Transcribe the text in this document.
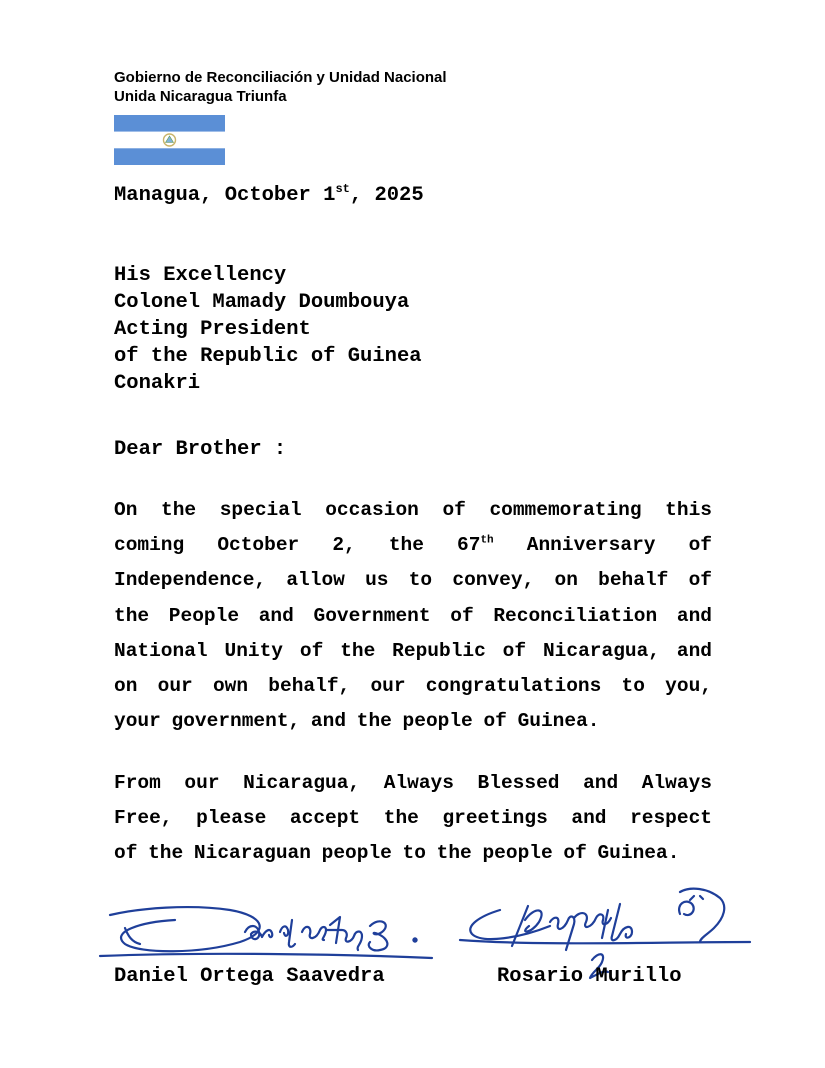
Gobierno de Reconciliación y Unidad Nacional
Unida Nicaragua Triunfa
Managua, October 1st, 2025
His Excellency
Colonel Mamady Doumbouya
Acting President
of the Republic of Guinea
Conakri
Dear Brother :
On the special occasion of commemorating this
coming October 2, the 67th Anniversary of
Independence, allow us to convey, on behalf of
the People and Government of Reconciliation and
National Unity of the Republic of Nicaragua, and
on our own behalf, our congratulations to you,
your government, and the people of Guinea.
From our Nicaragua, Always Blessed and Always
Free, please accept the greetings and respect
of the Nicaraguan people to the people of Guinea.
Daniel Ortega Saavedra	Rosario Murillo
